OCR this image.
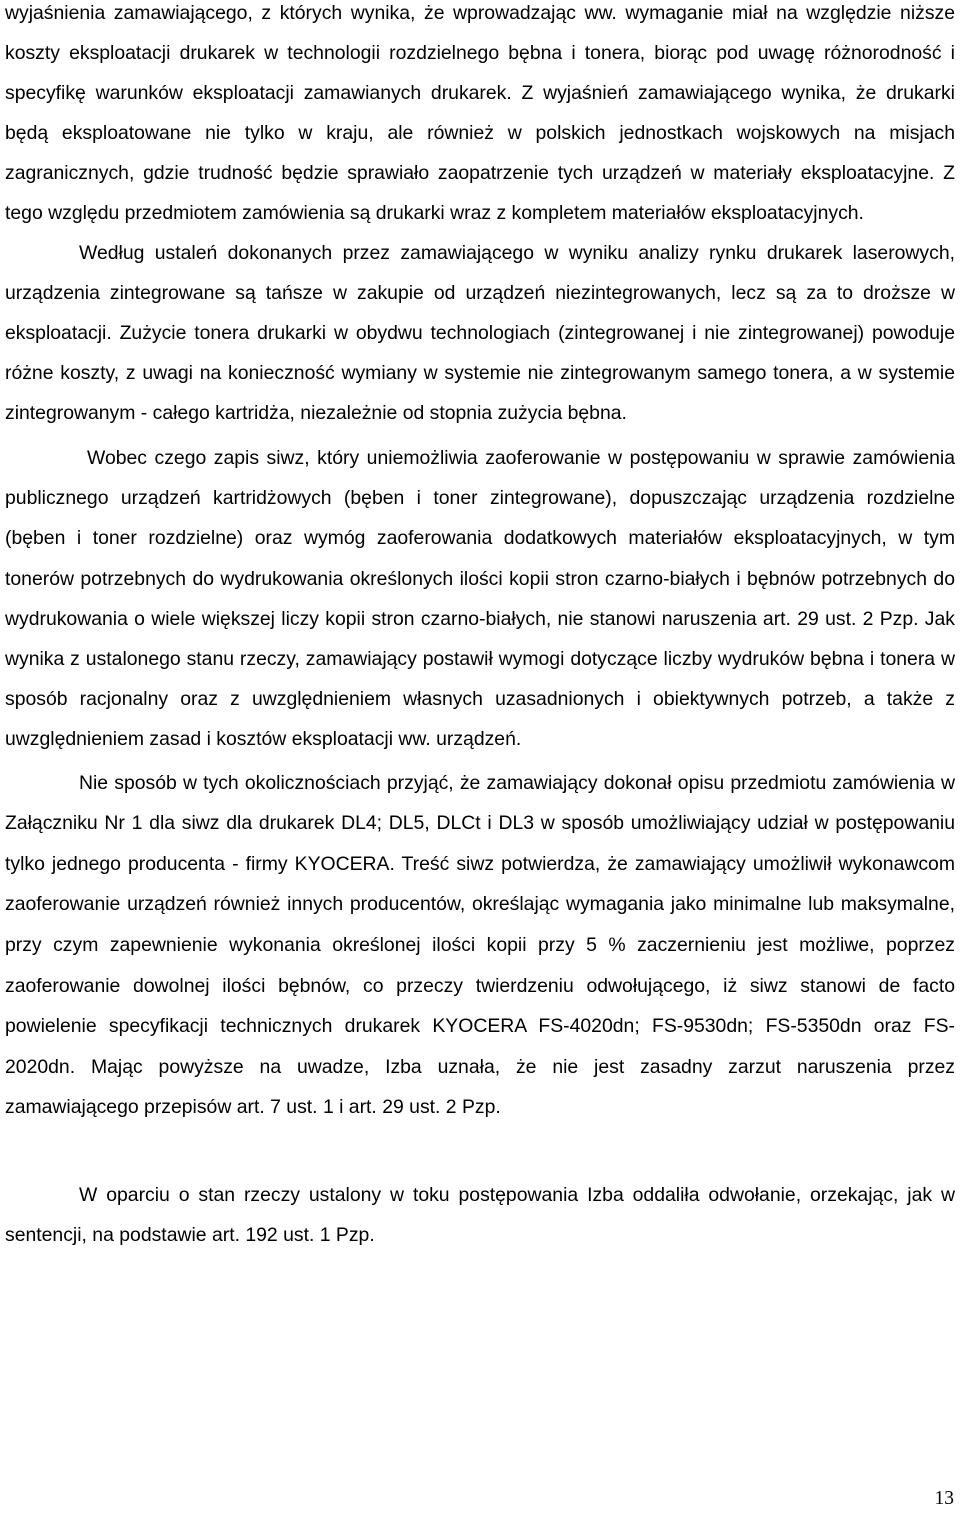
wyjaśnienia zamawiającego, z których wynika, że wprowadzając ww. wymaganie miał na względzie niższe koszty eksploatacji drukarek w technologii rozdzielnego bębna i tonera, biorąc pod uwagę różnorodność i specyfikę warunków eksploatacji zamawianych drukarek. Z wyjaśnień zamawiającego wynika, że drukarki będą eksploatowane nie tylko w kraju, ale również w polskich jednostkach wojskowych na misjach zagranicznych, gdzie trudność będzie sprawiało zaopatrzenie tych urządzeń w materiały eksploatacyjne. Z tego względu przedmiotem zamówienia są drukarki wraz z kompletem materiałów eksploatacyjnych.

Według ustaleń dokonanych przez zamawiającego w wyniku analizy rynku drukarek laserowych, urządzenia zintegrowane są tańsze w zakupie od urządzeń niezintegrowanych, lecz są za to droższe w eksploatacji. Zużycie tonera drukarki w obydwu technologiach (zintegrowanej i nie zintegrowanej) powoduje różne koszty, z uwagi na konieczność wymiany w systemie nie zintegrowanym samego tonera, a w systemie zintegrowanym - całego kartridża, niezależnie od stopnia zużycia bębna.

Wobec czego zapis siwz, który uniemożliwia zaoferowanie w postępowaniu w sprawie zamówienia publicznego urządzeń kartridżowych (bęben i toner zintegrowane), dopuszczając urządzenia rozdzielne (bęben i toner rozdzielne) oraz wymóg zaoferowania dodatkowych materiałów eksploatacyjnych, w tym tonerów potrzebnych do wydrukowania określonych ilości kopii stron czarno-białych i bębnów potrzebnych do wydrukowania o wiele większej liczy kopii stron czarno-białych, nie stanowi naruszenia art. 29 ust. 2 Pzp. Jak wynika z ustalonego stanu rzeczy, zamawiający postawił wymogi dotyczące liczby wydruków bębna i tonera w sposób racjonalny oraz z uwzględnieniem własnych uzasadnionych i obiektywnych potrzeb, a także z uwzględnieniem zasad i kosztów eksploatacji ww. urządzeń.

Nie sposób w tych okolicznościach przyjąć, że zamawiający dokonał opisu przedmiotu zamówienia w Załączniku Nr 1 dla siwz dla drukarek DL4; DL5, DLCt i DL3 w sposób umożliwiający udział w postępowaniu tylko jednego producenta - firmy KYOCERA. Treść siwz potwierdza, że zamawiający umożliwił wykonawcom zaoferowanie urządzeń również innych producentów, określając wymagania jako minimalne lub maksymalne, przy czym zapewnienie wykonania określonej ilości kopii przy 5 % zaczernieniu jest możliwe, poprzez zaoferowanie dowolnej ilości bębnów, co przeczy twierdzeniu odwołującego, iż siwz stanowi de facto powielenie specyfikacji technicznych drukarek KYOCERA FS-4020dn; FS-9530dn; FS-5350dn oraz FS-2020dn. Mając powyższe na uwadze, Izba uznała, że nie jest zasadny zarzut naruszenia przez zamawiającego przepisów art. 7 ust. 1 i art. 29 ust. 2 Pzp.

W oparciu o stan rzeczy ustalony w toku postępowania Izba oddaliła odwołanie, orzekając, jak w sentencji, na podstawie art. 192 ust. 1 Pzp.

13
